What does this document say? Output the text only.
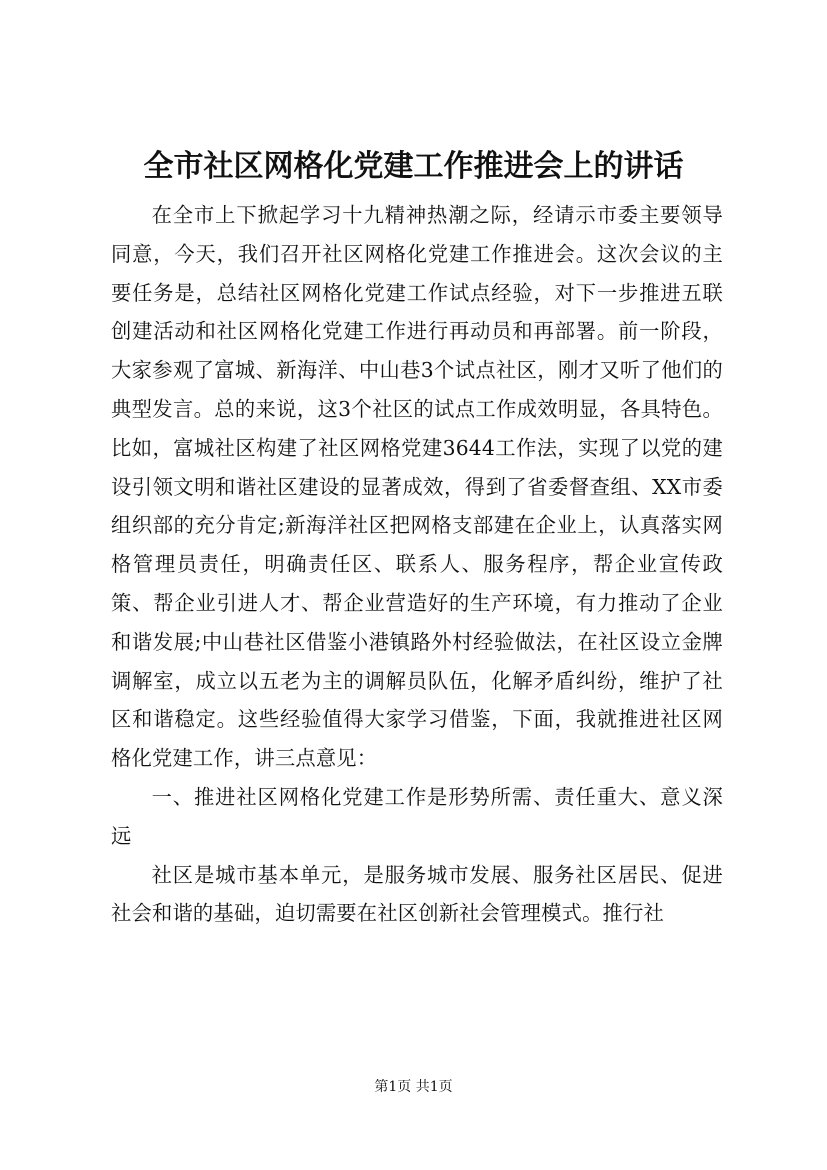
全市社区网格化党建工作推进会上的讲话

在全市上下掀起学习十九精神热潮之际，经请示市委主要领导同意，今天，我们召开社区网格化党建工作推进会。这次会议的主要任务是，总结社区网格化党建工作试点经验，对下一步推进五联创建活动和社区网格化党建工作进行再动员和再部署。前一阶段，大家参观了富城、新海洋、中山巷3个试点社区，刚才又听了他们的典型发言。总的来说，这3个社区的试点工作成效明显，各具特色。比如，富城社区构建了社区网格党建3644工作法，实现了以党的建设引领文明和谐社区建设的显著成效，得到了省委督查组、XX市委组织部的充分肯定;新海洋社区把网格支部建在企业上，认真落实网格管理员责任，明确责任区、联系人、服务程序，帮企业宣传政策、帮企业引进人才、帮企业营造好的生产环境，有力推动了企业和谐发展;中山巷社区借鉴小港镇路外村经验做法，在社区设立金牌调解室，成立以五老为主的调解员队伍，化解矛盾纠纷，维护了社区和谐稳定。这些经验值得大家学习借鉴，下面，我就推进社区网格化党建工作，讲三点意见：

一、推进社区网格化党建工作是形势所需、责任重大、意义深远

社区是城市基本单元，是服务城市发展、服务社区居民、促进社会和谐的基础，迫切需要在社区创新社会管理模式。推行社

第1页 共1页
